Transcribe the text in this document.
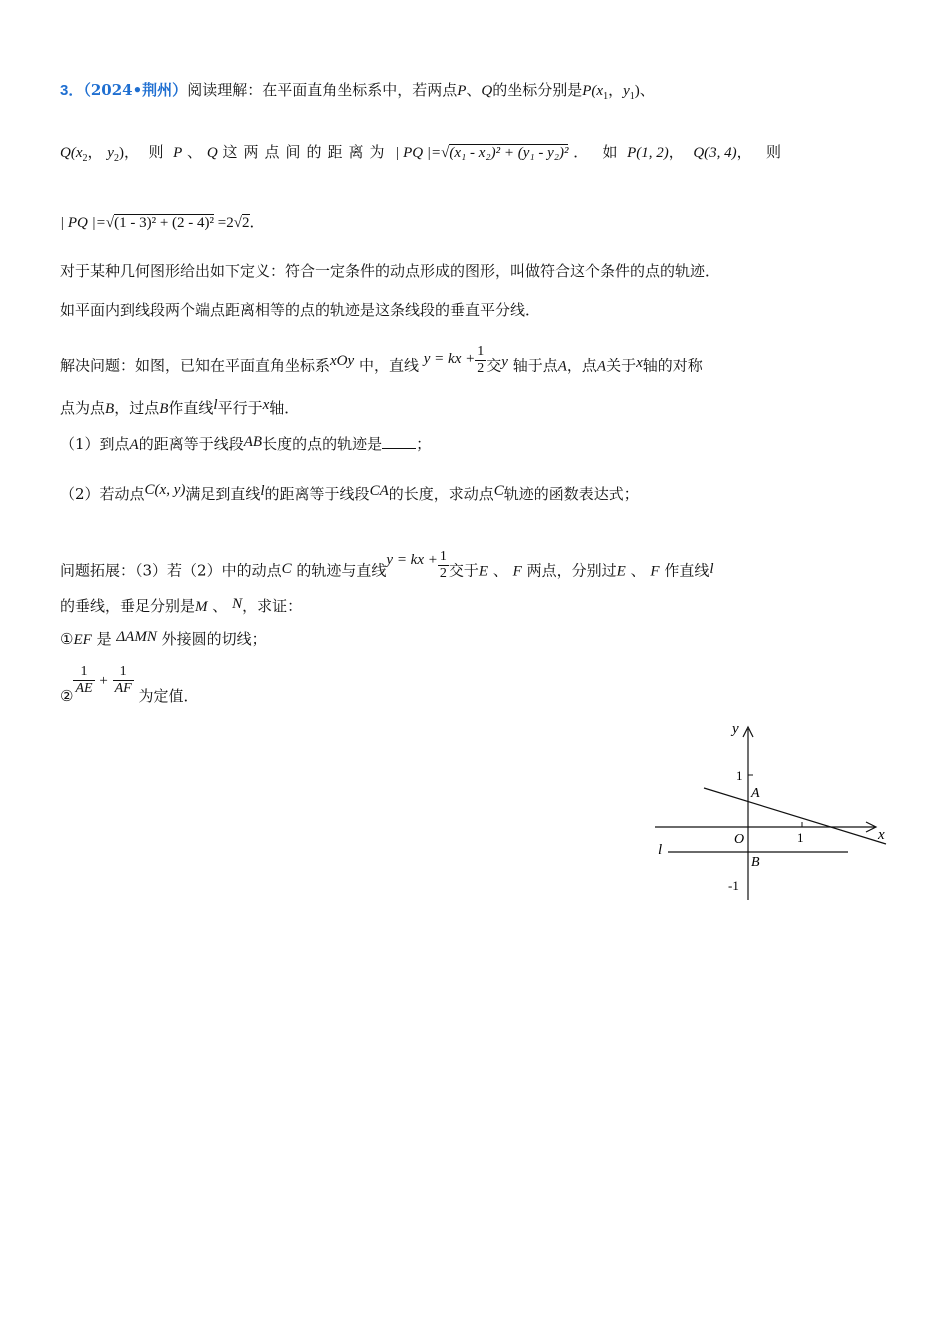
3．（2024•荆州）阅读理解：在平面直角坐标系中，若两点P、Q的坐标分别是$P(x_1$，$y_1$)、
$Q(x_2$， $y_2$)， 则 P 、 Q 这两点间的距离为 | PQ |=√(x₁ - x₂)² + (y₁ - y₂)² ．   如 P(1, 2)， Q(3, 4)， 则
| PQ |=√(1 - 3)² + (2 - 4)² =2√2．
对于某种几何图形给出如下定义：符合一定条件的动点形成的图形，叫做符合这个条件的点的轨迹．
如平面内到线段两个端点距离相等的点的轨迹是这条线段的垂直平分线．
解决问题：如图，已知在平面直角坐标系xOy 中，直线 y = kx + $\frac{1}{2}$ 交y 轴于点A，点A关于x轴的对称
点为点B，过点B作直线l平行于x轴．
（1）到点A的距离等于线段AB长度的点的轨迹是 ；
（2）若动点C(x, y)满足到直线l的距离等于线段CA的长度，求动点C轨迹的函数表达式；
问题拓展：（3）若（2）中的动点C 的轨迹与直线y = kx + $\frac{1}{2}$ 交于E 、 F 两点，分别过E 、 F 作直线l
的垂线，垂足分别是M 、 N，求证：
①EF 是 ΔAMN 外接圆的切线；
② $\frac{1}{AE} + \frac{1}{AF}$ 为定值．
y
x
O
A
B
l
1
-1
1
